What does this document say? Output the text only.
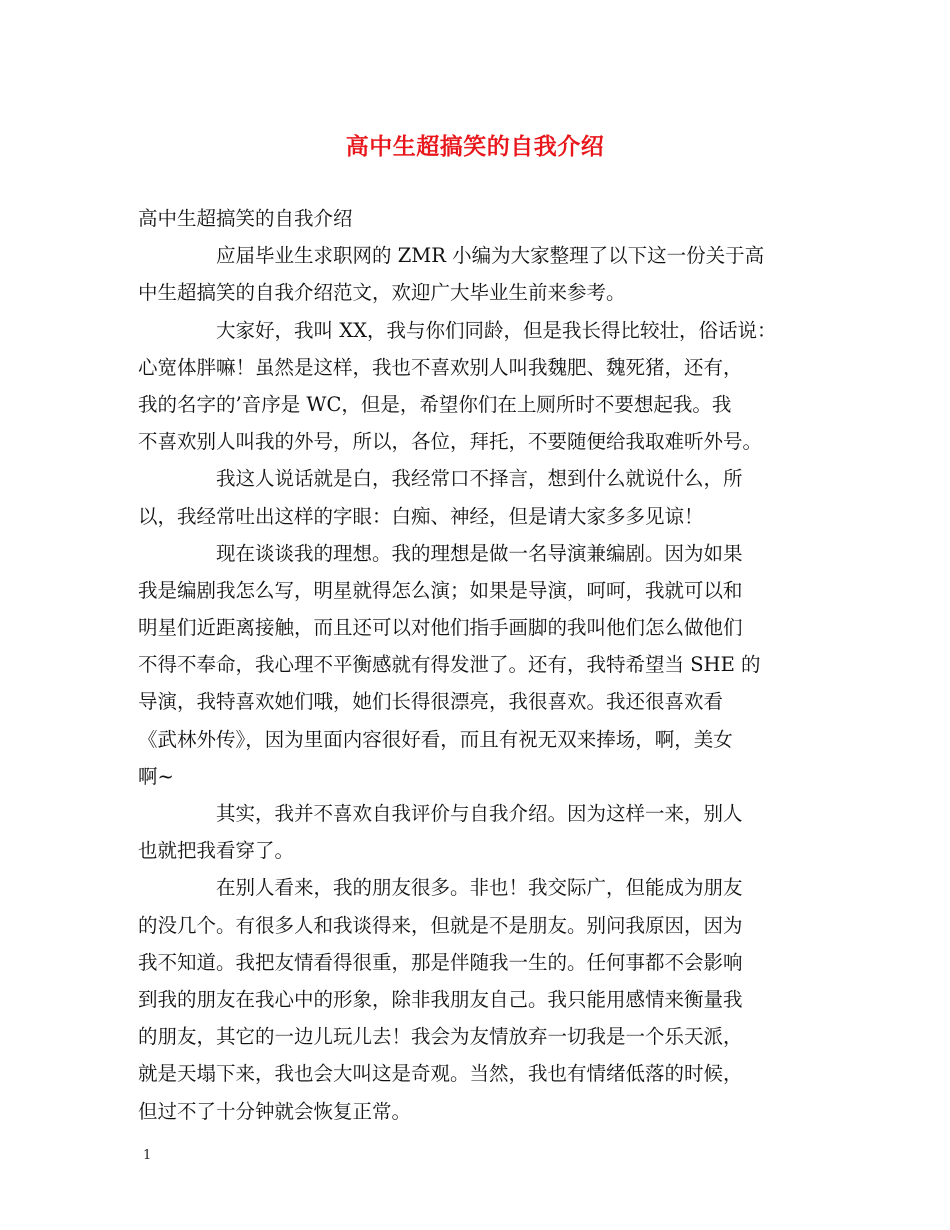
高中生超搞笑的自我介绍
高中生超搞笑的自我介绍
应届毕业生求职网的 ZMR 小编为大家整理了以下这一份关于高
中生超搞笑的自我介绍范文，欢迎广大毕业生前来参考。
大家好，我叫 XX，我与你们同龄，但是我长得比较壮，俗话说：
心宽体胖嘛！虽然是这样，我也不喜欢别人叫我魏肥、魏死猪，还有，
我的名字的’音序是 WC，但是，希望你们在上厕所时不要想起我。我
不喜欢别人叫我的外号，所以，各位，拜托，不要随便给我取难听外号。
我这人说话就是白，我经常口不择言，想到什么就说什么，所
以，我经常吐出这样的字眼：白痴、神经，但是请大家多多见谅！
现在谈谈我的理想。我的理想是做一名导演兼编剧。因为如果
我是编剧我怎么写，明星就得怎么演；如果是导演，呵呵，我就可以和
明星们近距离接触，而且还可以对他们指手画脚的我叫他们怎么做他们
不得不奉命，我心理不平衡感就有得发泄了。还有，我特希望当 SHE 的
导演，我特喜欢她们哦，她们长得很漂亮，我很喜欢。我还很喜欢看
《武林外传》，因为里面内容很好看，而且有祝无双来捧场，啊，美女
啊~
其实，我并不喜欢自我评价与自我介绍。因为这样一来，别人
也就把我看穿了。
在别人看来，我的朋友很多。非也！我交际广，但能成为朋友
的没几个。有很多人和我谈得来，但就是不是朋友。别问我原因，因为
我不知道。我把友情看得很重，那是伴随我一生的。任何事都不会影响
到我的朋友在我心中的形象，除非我朋友自己。我只能用感情来衡量我
的朋友，其它的一边儿玩儿去！我会为友情放弃一切我是一个乐天派，
就是天塌下来，我也会大叫这是奇观。当然，我也有情绪低落的时候，
但过不了十分钟就会恢复正常。
1
